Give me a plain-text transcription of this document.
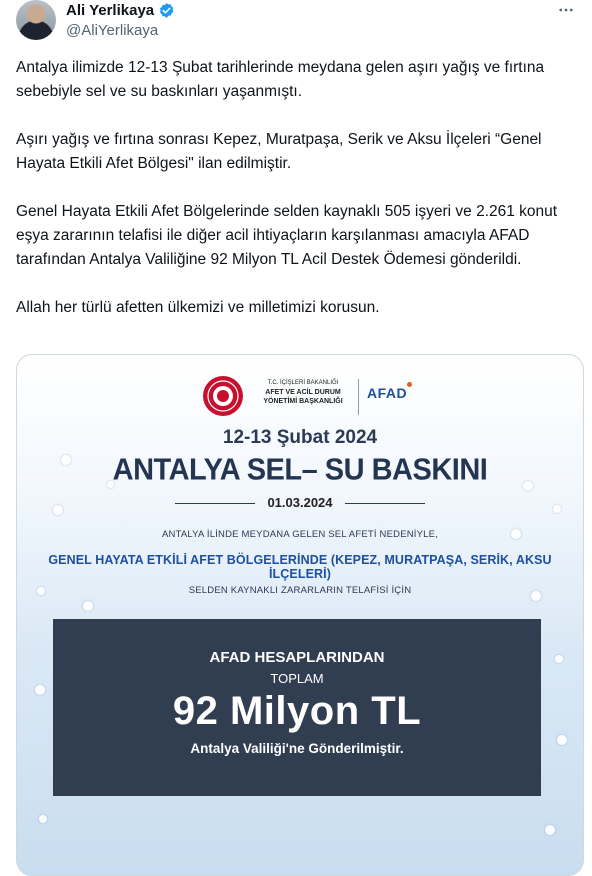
Ali Yerlikaya
@AliYerlikaya

Antalya ilimizde 12-13 Şubat tarihlerinde meydana gelen aşırı yağış ve fırtına sebebiyle sel ve su baskınları yaşanmıştı.

Aşırı yağış ve fırtına sonrası Kepez, Muratpaşa, Serik ve Aksu İlçeleri “Genel Hayata Etkili Afet Bölgesi" ilan edilmiştir.

Genel Hayata Etkili Afet Bölgelerinde selden kaynaklı 505 işyeri ve 2.261 konut eşya zararının telafisi ile diğer acil ihtiyaçların karşılanması amacıyla AFAD tarafından Antalya Valiliğine 92 Milyon TL Acil Destek Ödemesi gönderildi.

Allah her türlü afetten ülkemizi ve milletimizi korusun.

T.C. İÇİŞLERİ BAKANLIĞI
AFET VE ACİL DURUM
YÖNETİMİ BAŞKANLIĞI
AFAD
12-13 Şubat 2024
ANTALYA SEL– SU BASKINI
01.03.2024
ANTALYA İLİNDE MEYDANA GELEN SEL AFETİ NEDENİYLE,
GENEL HAYATA ETKİLİ AFET BÖLGELERİNDE (KEPEZ, MURATPAŞA, SERİK, AKSU İLÇELERİ)
SELDEN KAYNAKLI ZARARLARIN TELAFİSİ İÇİN
AFAD HESAPLARINDAN
TOPLAM
92 Milyon TL
Antalya Valiliği'ne Gönderilmiştir.
